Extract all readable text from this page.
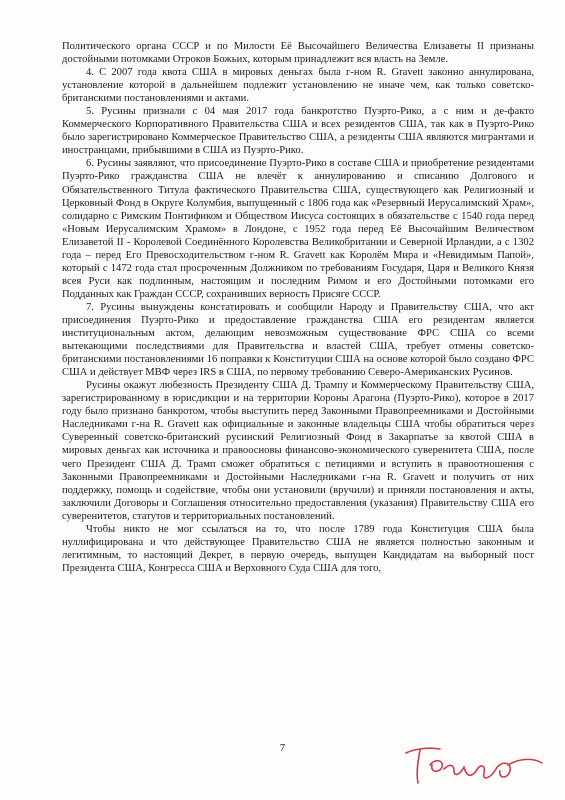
Политического органа СССР и по Милости Её Высочайшего Величества Елизаветы II признаны достойными потомками Отроков Божьих, которым принадлежит вся власть на Земле.

4. С 2007 года квота США в мировых деньгах была г-ном R. Gravett законно аннулирована, установление которой в дальнейшем подлежит установлению не иначе чем, как только советско-британскими постановлениями и актами.

5. Русины признали с 04 мая 2017 года банкротство Пуэрто-Рико, а с ним и де-факто Коммерческого Корпоративного Правительства США и всех резидентов США, так как в Пуэрто-Рико было зарегистрировано Коммерческое Правительство США, а резиденты США являются мигрантами и иностранцами, прибывшими в США из Пуэрто-Рико.

6. Русины заявляют, что присоединение Пуэрто-Рико в составе США и приобретение резидентами Пуэрто-Рико гражданства США не влечёт к аннулированию и списанию Долгового и Обязательственного Титула фактического Правительства США, существующего как Религиозный и Церковный Фонд в Округе Колумбия, выпущенный с 1806 года как «Резервный Иерусалимский Храм», солидарно с Римским Понтификом и Обществом Иисуса состоящих в обязательстве с 1540 года перед «Новым Иерусалимским Храмом» в Лондоне, с 1952 года перед Её Высочайшим Величеством Елизаветой II - Королевой Соединённого Королевства Великобритании и Северной Ирландии, а с 1302 года – перед Его Превосходительством г-ном R. Gravett как Королём Мира и «Невидимым Папой», который с 1472 года стал просроченным Должником по требованиям Государя, Царя и Великого Князя всея Руси как подлинным, настоящим и последним Римом и его Достойными потомками его Подданных как Граждан СССР, сохранивших верность Присяге СССР.

7. Русины вынуждены констатировать и сообщили Народу и Правительству США, что акт присоединения Пуэрто-Рико и предоставление гражданства США его резидентам является институциональным актом, делающим невозможным существование ФРС США со всеми вытекающими последствиями для Правительства и властей США, требует отмены советско-британскими постановлениями 16 поправки к Конституции США на основе которой было создано ФРС США и действует МВФ через IRS в США, по первому требованию Северо-Американских Русинов.

Русины окажут любезность Президенту США Д. Трампу и Коммерческому Правительству США, зарегистрированному в юрисдикции и на территории Короны Арагона (Пуэрто-Рико), которое в 2017 году было признано банкротом, чтобы выступить перед Законными Правопреемниками и Достойными Наследниками г-на R. Gravett как официальные и законные владельцы США чтобы обратиться через Суверенный советско-британский русинский Религиозный Фонд в Закарпатье за квотой США в мировых деньгах как источника и правоосновы финансово-экономического суверенитета США, после чего Президент США Д. Трамп сможет обратиться с петициями и вступить в правоотношения с Законными Правопреемниками и Достойными Наследниками г-на R. Gravett и получить от них поддержку, помощь и содействие, чтобы они установили (вручили) и приняли постановления и акты, заключили Договоры и Соглашения относительно предоставления (указания) Правительству США его суверенитетов, статутов и территориальных постановлений.

Чтобы никто не мог ссылаться на то, что после 1789 года Конституция США была нуллифицирована и что действующее Правительство США не является полностью законным и легитимным, то настоящий Декрет, в первую очередь, выпущен Кандидатам на выборный пост Президента США, Конгресса США и Верховного Суда США для того,

7
